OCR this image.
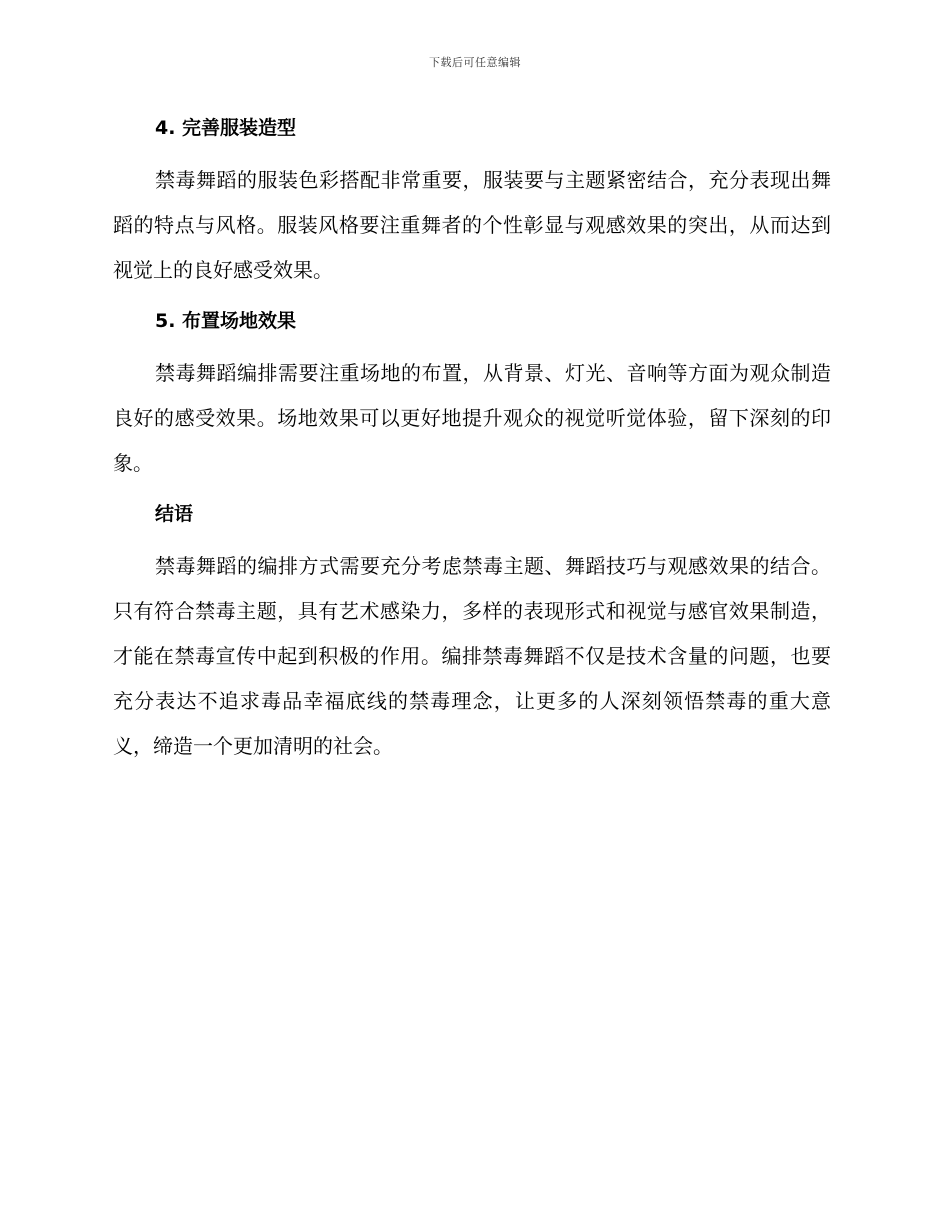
下载后可任意编辑
4. 完善服装造型

禁毒舞蹈的服装色彩搭配非常重要，服装要与主题紧密结合，充分表现出舞蹈的特点与风格。服装风格要注重舞者的个性彰显与观感效果的突出，从而达到视觉上的良好感受效果。

5. 布置场地效果

禁毒舞蹈编排需要注重场地的布置，从背景、灯光、音响等方面为观众制造良好的感受效果。场地效果可以更好地提升观众的视觉听觉体验，留下深刻的印象。

结语

禁毒舞蹈的编排方式需要充分考虑禁毒主题、舞蹈技巧与观感效果的结合。只有符合禁毒主题，具有艺术感染力，多样的表现形式和视觉与感官效果制造，才能在禁毒宣传中起到积极的作用。编排禁毒舞蹈不仅是技术含量的问题，也要充分表达不追求毒品幸福底线的禁毒理念，让更多的人深刻领悟禁毒的重大意义，缔造一个更加清明的社会。
